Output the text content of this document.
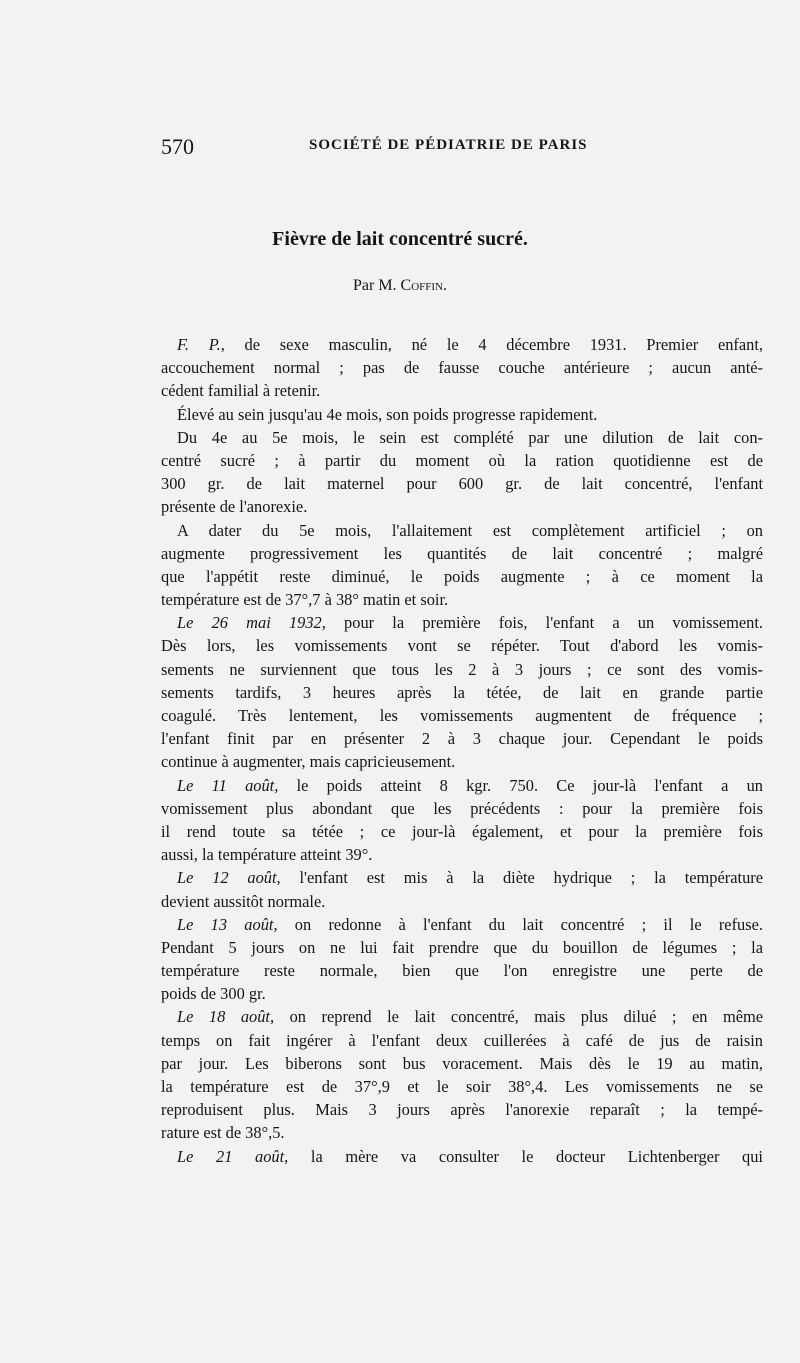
570	SOCIÉTÉ DE PÉDIATRIE DE PARIS
Fièvre de lait concentré sucré.
Par M. Coffin.
F. P., de sexe masculin, né le 4 décembre 1931. Premier enfant,
accouchement normal ; pas de fausse couche antérieure ; aucun anté-
cédent familial à retenir.
Élevé au sein jusqu'au 4e mois, son poids progresse rapidement.
Du 4e au 5e mois, le sein est complété par une dilution de lait con-
centré sucré ; à partir du moment où la ration quotidienne est de
300 gr. de lait maternel pour 600 gr. de lait concentré, l'enfant
présente de l'anorexie.
A dater du 5e mois, l'allaitement est complètement artificiel ; on
augmente progressivement les quantités de lait concentré ; malgré
que l'appétit reste diminué, le poids augmente ; à ce moment la
température est de 37°,7 à 38° matin et soir.
Le 26 mai 1932, pour la première fois, l'enfant a un vomissement.
Dès lors, les vomissements vont se répéter. Tout d'abord les vomis-
sements ne surviennent que tous les 2 à 3 jours ; ce sont des vomis-
sements tardifs, 3 heures après la tétée, de lait en grande partie
coagulé. Très lentement, les vomissements augmentent de fréquence ;
l'enfant finit par en présenter 2 à 3 chaque jour. Cependant le poids
continue à augmenter, mais capricieusement.
Le 11 août, le poids atteint 8 kgr. 750. Ce jour-là l'enfant a un
vomissement plus abondant que les précédents : pour la première fois
il rend toute sa tétée ; ce jour-là également, et pour la première fois
aussi, la température atteint 39°.
Le 12 août, l'enfant est mis à la diète hydrique ; la température
devient aussitôt normale.
Le 13 août, on redonne à l'enfant du lait concentré ; il le refuse.
Pendant 5 jours on ne lui fait prendre que du bouillon de légumes ; la
température reste normale, bien que l'on enregistre une perte de
poids de 300 gr.
Le 18 août, on reprend le lait concentré, mais plus dilué ; en même
temps on fait ingérer à l'enfant deux cuillerées à café de jus de raisin
par jour. Les biberons sont bus voracement. Mais dès le 19 au matin,
la température est de 37°,9 et le soir 38°,4. Les vomissements ne se
reproduisent plus. Mais 3 jours après l'anorexie reparaît ; la tempé-
rature est de 38°,5.
Le 21 août, la mère va consulter le docteur Lichtenberger qui
